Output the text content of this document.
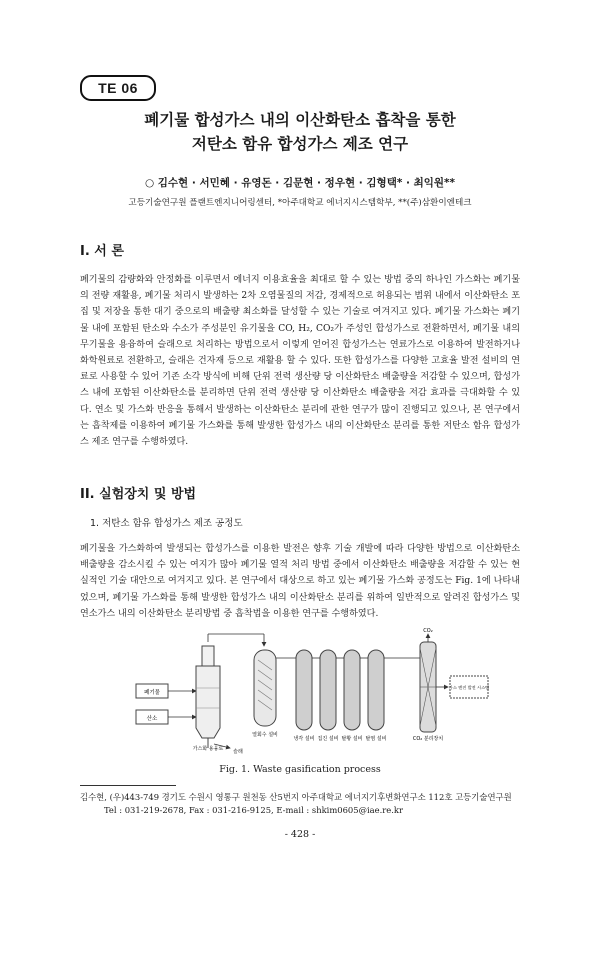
TE 06
폐기물 합성가스 내의 이산화탄소 흡착을 통한
저탄소 함유 합성가스 제조 연구
○ 김수현 · 서민혜 · 유영돈 · 김문현 · 정우현 · 김형택* · 최익원**
고등기술연구원 플랜트엔지니어링센터, *아주대학교 에너지시스템학부, **(주)삼환이엔테크
I. 서 론

폐기물의 감량화와 안정화를 이루면서 에너지 이용효율을 최대로 할 수 있는 방법 중의 하나인 가스화는 폐기물의 전량 재활용, 폐기물 처리시 발생하는 2차 오염물질의 저감, 경제적으로 허용되는 범위 내에서 이산화탄소 포집 및 저장을 통한 대기 중으로의 배출량 최소화를 달성할 수 있는 기술로 여겨지고 있다. 폐기물 가스화는 폐기물 내에 포함된 탄소와 수소가 주성분인 유기물을 CO, H₂, CO₂가 주성인 합성가스로 전환하면서, 폐기물 내의 무기물을 용융하여 슬래으로 처리하는 방법으로서 이렇게 얻어진 합성가스는 연료가스로 이용하여 발전하거나 화학원료로 전환하고, 슬래은 건자재 등으로 재활용 할 수 있다. 또한 합성가스를 다양한 고효율 발전 설비의 연료로 사용할 수 있어 기존 소각 방식에 비해 단위 전력 생산량 당 이산화탄소 배출량을 저감할 수 있으며, 합성가스 내에 포함된 이산화탄소를 분리하면 단위 전력 생산량 당 이산화탄소 배출량을 저감 효과를 극대화할 수 있다. 연소 및 가스화 반응을 통해서 발생하는 이산화탄소 분리에 관한 연구가 많이 진행되고 있으나, 본 연구에서는 흡착제를 이용하여 폐기물 가스화를 통해 발생한 합성가스 내의 이산화탄소 분리를 통한 저탄소 함유 합성가스 제조 연구를 수행하였다.

II. 실험장치 및 방법
1. 저탄소 함유 합성가스 제조 공정도

폐기물을 가스화하여 발생되는 합성가스를 이용한 발전은 향후 기술 개발에 따라 다양한 방법으로 이산화탄소 배출량을 감소시킬 수 있는 여지가 많아 폐기물 열적 처리 방법 중에서 이산화탄소 배출량을 저감할 수 있는 현실적인 기술 대안으로 여겨지고 있다. 본 연구에서 대상으로 하고 있는 폐기물 가스화 공정도는 Fig. 1에 나타내었으며, 폐기물 가스화를 통해 발생한 합성가스 내의 이산화탄소 분리를 위하여 일반적으로 알려진 합성가스 및 연소가스 내의 이산화탄소 분리방법 중 흡착법을 이용한 연구를 수행하였다.

폐기물
산소
가스화 용융로 슬래
열회수 설비
냉각 설비 집진 설비 탈황 설비 탈염 설비
CO₂
CO₂ 분리장치
가스 엔진 발전 시스템
Fig. 1. Waste gasification process
김수현, (우)443-749 경기도 수원시 영통구 원천동 산5번지 아주대학교 에너지기후변화연구소 112호 고등기술연구원
Tel : 031-219-2678, Fax : 031-216-9125, E-mail : shkim0605@iae.re.kr
- 428 -
